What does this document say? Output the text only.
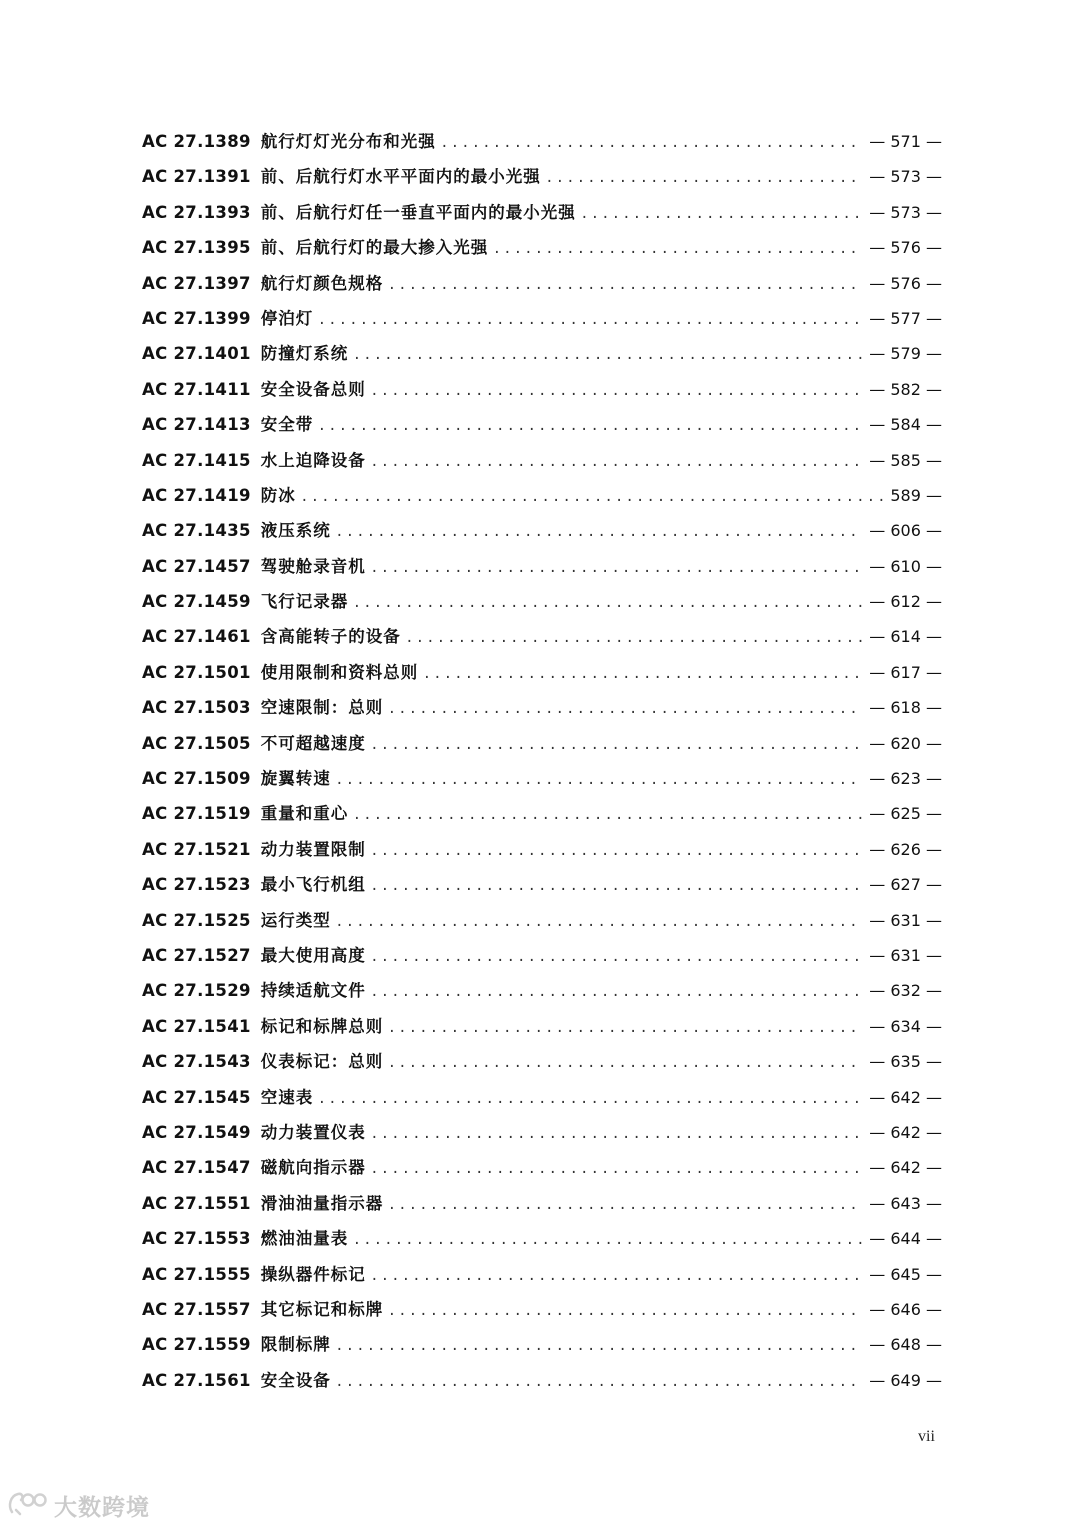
AC 27.1389 航行灯灯光分布和光强 . . .	— 571 —
AC 27.1391 前、后航行灯水平平面内的最小光强 . . .	— 573 —
AC 27.1393 前、后航行灯任一垂直平面内的最小光强 . . .	— 573 —
AC 27.1395 前、后航行灯的最大掺入光强 . . .	— 576 —
AC 27.1397 航行灯颜色规格 . . .	— 576 —
AC 27.1399 停泊灯 . . .	— 577 —
AC 27.1401 防撞灯系统 . . .	— 579 —
AC 27.1411 安全设备总则 . . .	— 582 —
AC 27.1413 安全带 . . .	— 584 —
AC 27.1415 水上迫降设备 . . .	— 585 —
AC 27.1419 防冰 . . .	589 —
AC 27.1435 液压系统 . . .	— 606 —
AC 27.1457 驾驶舱录音机 . . .	— 610 —
AC 27.1459 飞行记录器 . . .	— 612 —
AC 27.1461 含高能转子的设备 . . .	— 614 —
AC 27.1501 使用限制和资料总则 . . .	— 617 —
AC 27.1503 空速限制：总则 . . .	— 618 —
AC 27.1505 不可超越速度 . . .	— 620 —
AC 27.1509 旋翼转速 . . .	— 623 —
AC 27.1519 重量和重心 . . .	— 625 —
AC 27.1521 动力装置限制 . . .	— 626 —
AC 27.1523 最小飞行机组 . . .	— 627 —
AC 27.1525 运行类型 . . .	— 631 —
AC 27.1527 最大使用高度 . . .	— 631 —
AC 27.1529 持续适航文件 . . .	— 632 —
AC 27.1541 标记和标牌总则 . . .	— 634 —
AC 27.1543 仪表标记：总则 . . .	— 635 —
AC 27.1545 空速表 . . .	— 642 —
AC 27.1549 动力装置仪表 . . .	— 642 —
AC 27.1547 磁航向指示器 . . .	— 642 —
AC 27.1551 滑油油量指示器 . . .	— 643 —
AC 27.1553 燃油油量表 . . .	— 644 —
AC 27.1555 操纵器件标记 . . .	— 645 —
AC 27.1557 其它标记和标牌 . . .	— 646 —
AC 27.1559 限制标牌 . . .	— 648 —
AC 27.1561 安全设备 . . .	— 649 —
vii
大数跨境
